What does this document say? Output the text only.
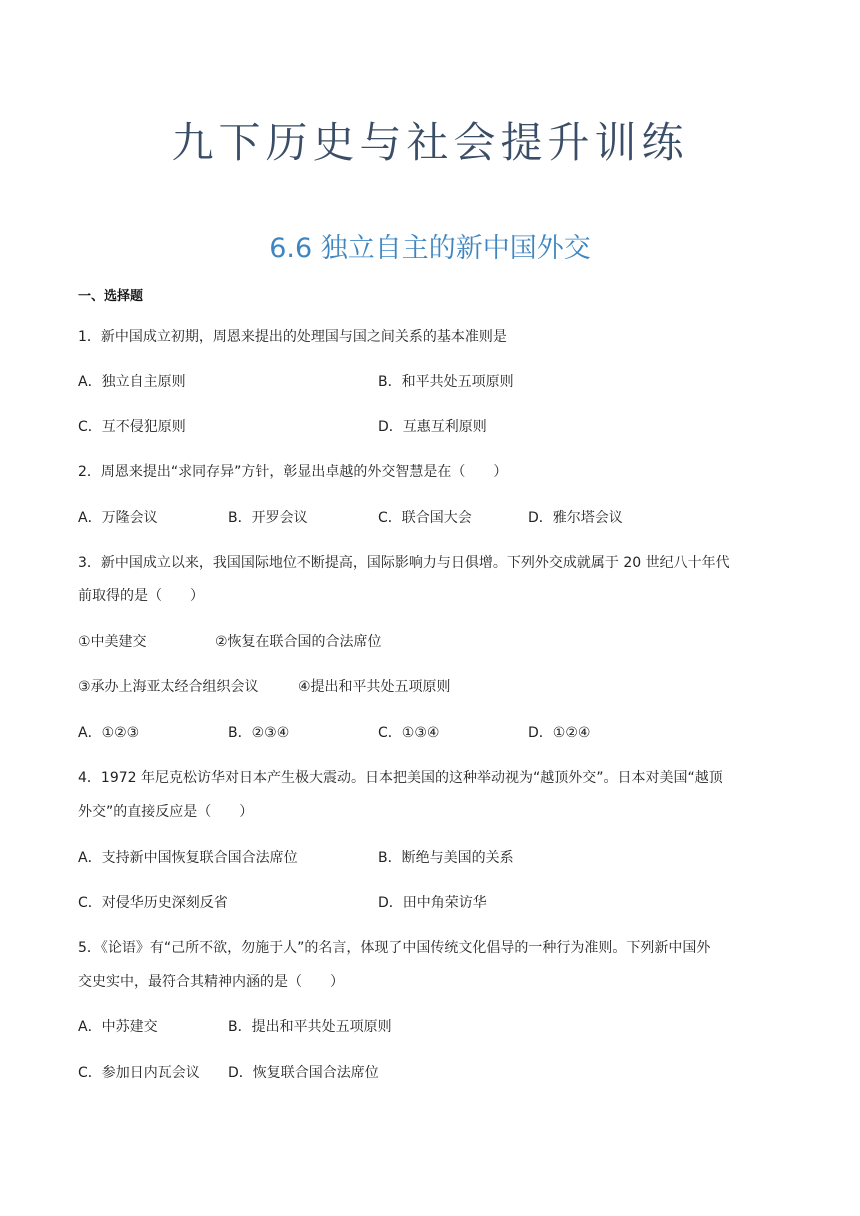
九下历史与社会提升训练
6.6 独立自主的新中国外交
一、选择题
1．新中国成立初期，周恩来提出的处理国与国之间关系的基本准则是
A．独立自主原则	B．和平共处五项原则
C．互不侵犯原则	D．互惠互利原则
2．周恩来提出“求同存异”方针，彰显出卓越的外交智慧是在（　　）
A．万隆会议	B．开罗会议	C．联合国大会	D．雅尔塔会议
3．新中国成立以来，我国国际地位不断提高，国际影响力与日俱增。下列外交成就属于 20 世纪八十年代
前取得的是（　　）
①中美建交	②恢复在联合国的合法席位
③承办上海亚太经合组织会议	④提出和平共处五项原则
A．①②③	B．②③④	C．①③④	D．①②④
4．1972 年尼克松访华对日本产生极大震动。日本把美国的这种举动视为“越顶外交”。日本对美国“越顶
外交”的直接反应是（　　）
A．支持新中国恢复联合国合法席位	B．断绝与美国的关系
C．对侵华历史深刻反省	D．田中角荣访华
5．《论语》有“己所不欲，勿施于人”的名言，体现了中国传统文化倡导的一种行为准则。下列新中国外
交史实中，最符合其精神内涵的是（　　）
A．中苏建交	B．提出和平共处五项原则
C．参加日内瓦会议 D．恢复联合国合法席位
